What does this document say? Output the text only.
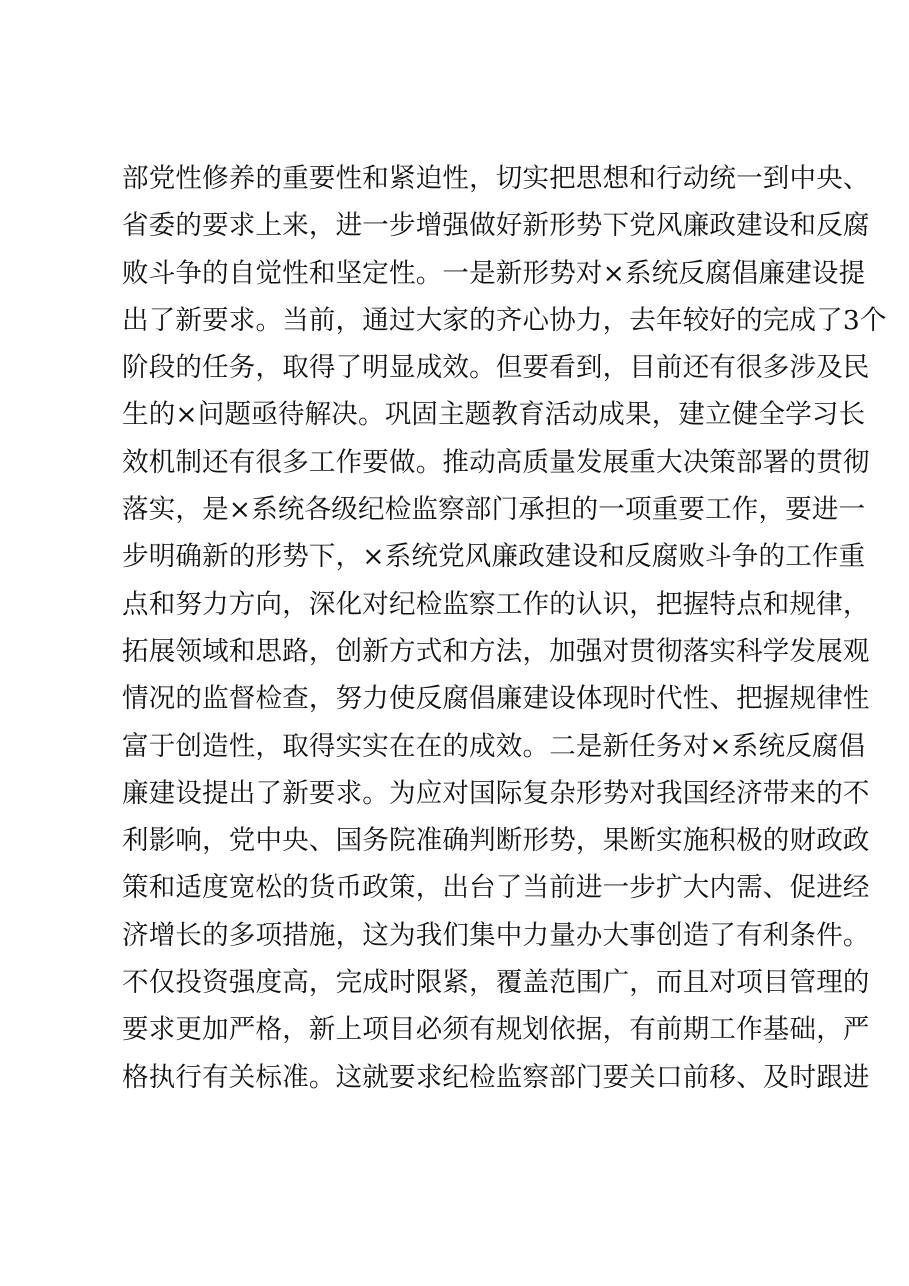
部党性修养的重要性和紧迫性，切实把思想和行动统一到中央、
省委的要求上来，进一步增强做好新形势下党风廉政建设和反腐
败斗争的自觉性和坚定性。一是新形势对×系统反腐倡廉建设提
出了新要求。当前，通过大家的齐心协力，去年较好的完成了3个
阶段的任务，取得了明显成效。但要看到，目前还有很多涉及民
生的×问题亟待解决。巩固主题教育活动成果，建立健全学习长
效机制还有很多工作要做。推动高质量发展重大决策部署的贯彻
落实，是×系统各级纪检监察部门承担的一项重要工作，要进一
步明确新的形势下，×系统党风廉政建设和反腐败斗争的工作重
点和努力方向，深化对纪检监察工作的认识，把握特点和规律，
拓展领域和思路，创新方式和方法，加强对贯彻落实科学发展观
情况的监督检查，努力使反腐倡廉建设体现时代性、把握规律性
富于创造性，取得实实在在的成效。二是新任务对×系统反腐倡
廉建设提出了新要求。为应对国际复杂形势对我国经济带来的不
利影响，党中央、国务院准确判断形势，果断实施积极的财政政
策和适度宽松的货币政策，出台了当前进一步扩大内需、促进经
济增长的多项措施，这为我们集中力量办大事创造了有利条件。
不仅投资强度高，完成时限紧，覆盖范围广，而且对项目管理的
要求更加严格，新上项目必须有规划依据，有前期工作基础，严
格执行有关标准。这就要求纪检监察部门要关口前移、及时跟进
